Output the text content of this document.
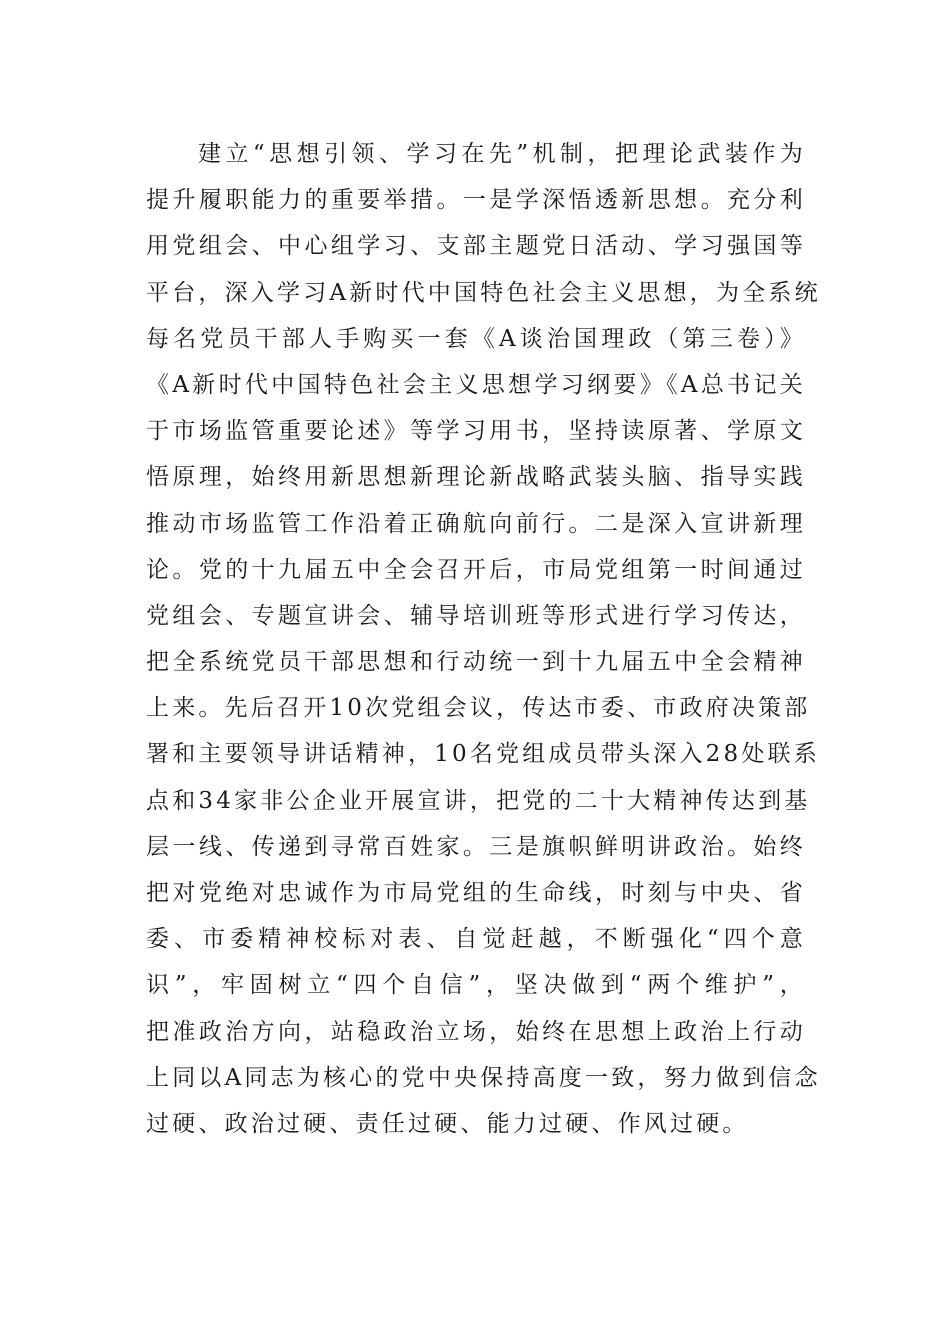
建立“思想引领、学习在先”机制，把理论武装作为
提升履职能力的重要举措。一是学深悟透新思想。充分利
用党组会、中心组学习、支部主题党日活动、学习强国等
平台，深入学习A新时代中国特色社会主义思想，为全系统
每名党员干部人手购买一套《A谈治国理政（第三卷）》
《A新时代中国特色社会主义思想学习纲要》《A总书记关
于市场监管重要论述》等学习用书，坚持读原著、学原文
悟原理，始终用新思想新理论新战略武装头脑、指导实践
推动市场监管工作沿着正确航向前行。二是深入宣讲新理
论。党的十九届五中全会召开后，市局党组第一时间通过
党组会、专题宣讲会、辅导培训班等形式进行学习传达，
把全系统党员干部思想和行动统一到十九届五中全会精神
上来。先后召开10次党组会议，传达市委、市政府决策部
署和主要领导讲话精神，10名党组成员带头深入28处联系
点和34家非公企业开展宣讲，把党的二十大精神传达到基
层一线、传递到寻常百姓家。三是旗帜鲜明讲政治。始终
把对党绝对忠诚作为市局党组的生命线，时刻与中央、省
委、市委精神校标对表、自觉赶越，不断强化“四个意
识”，牢固树立“四个自信”，坚决做到“两个维护”，
把准政治方向，站稳政治立场，始终在思想上政治上行动
上同以A同志为核心的党中央保持高度一致，努力做到信念
过硬、政治过硬、责任过硬、能力过硬、作风过硬。
